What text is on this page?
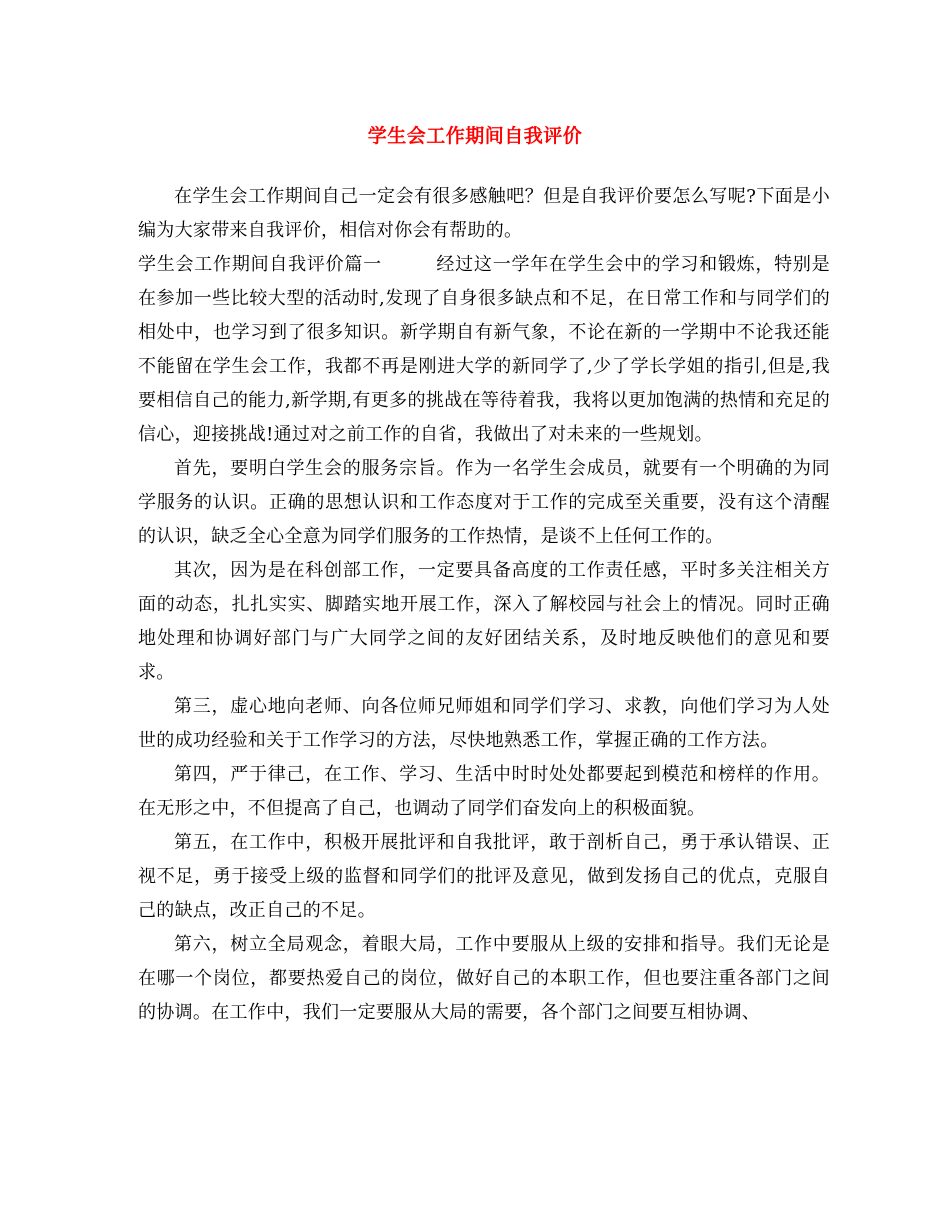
学生会工作期间自我评价

在学生会工作期间自己一定会有很多感触吧？但是自我评价要怎么写呢?下面是小编为大家带来自我评价，相信对你会有帮助的。

学生会工作期间自我评价篇一	经过这一学年在学生会中的学习和锻炼，特别是在参加一些比较大型的活动时,发现了自身很多缺点和不足，在日常工作和与同学们的相处中，也学习到了很多知识。新学期自有新气象，不论在新的一学期中不论我还能不能留在学生会工作，我都不再是刚进大学的新同学了,少了学长学姐的指引,但是,我要相信自己的能力,新学期,有更多的挑战在等待着我，我将以更加饱满的热情和充足的信心，迎接挑战!通过对之前工作的自省，我做出了对未来的一些规划。

首先，要明白学生会的服务宗旨。作为一名学生会成员，就要有一个明确的为同学服务的认识。正确的思想认识和工作态度对于工作的完成至关重要，没有这个清醒的认识，缺乏全心全意为同学们服务的工作热情，是谈不上任何工作的。

其次，因为是在科创部工作，一定要具备高度的工作责任感，平时多关注相关方面的动态，扎扎实实、脚踏实地开展工作，深入了解校园与社会上的情况。同时正确地处理和协调好部门与广大同学之间的友好团结关系，及时地反映他们的意见和要求。

第三，虚心地向老师、向各位师兄师姐和同学们学习、求教，向他们学习为人处世的成功经验和关于工作学习的方法，尽快地熟悉工作，掌握正确的工作方法。

第四，严于律己，在工作、学习、生活中时时处处都要起到模范和榜样的作用。在无形之中，不但提高了自己，也调动了同学们奋发向上的积极面貌。

第五，在工作中，积极开展批评和自我批评，敢于剖析自己，勇于承认错误、正视不足，勇于接受上级的监督和同学们的批评及意见，做到发扬自己的优点，克服自己的缺点，改正自己的不足。

第六，树立全局观念，着眼大局，工作中要服从上级的安排和指导。我们无论是在哪一个岗位，都要热爱自己的岗位，做好自己的本职工作，但也要注重各部门之间的协调。在工作中，我们一定要服从大局的需要，各个部门之间要互相协调、
